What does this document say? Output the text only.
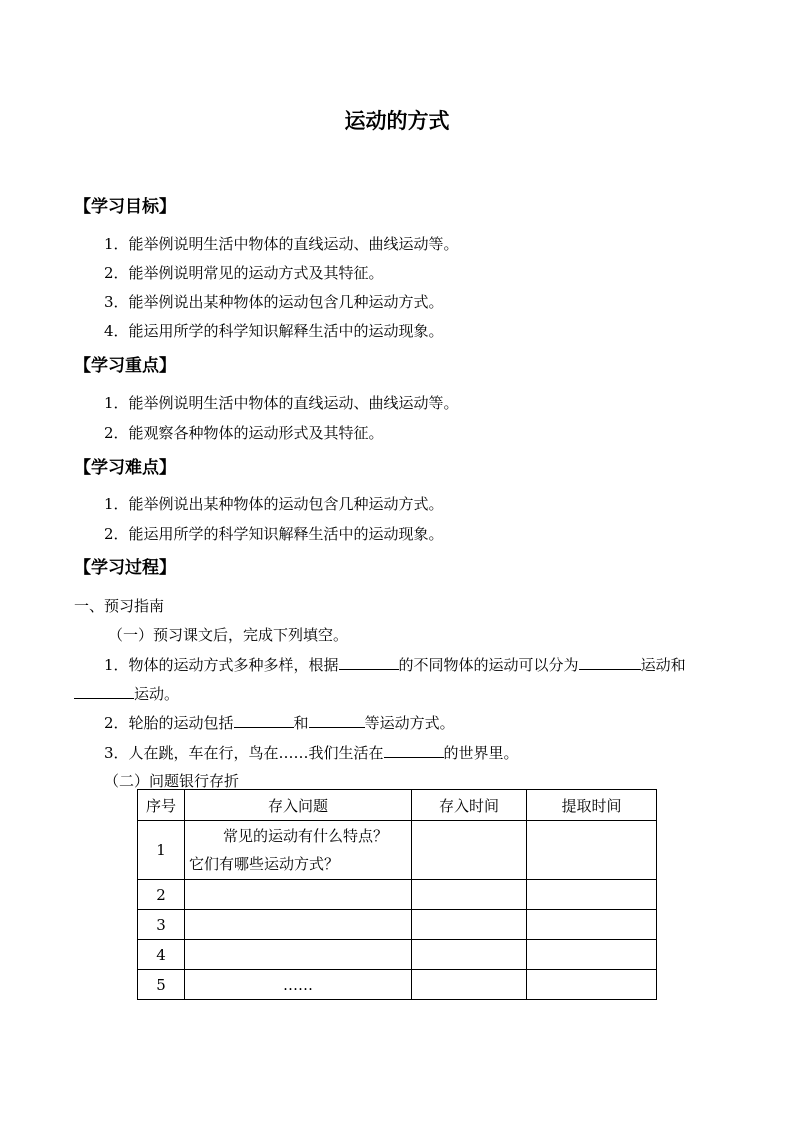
运动的方式
【学习目标】
1．能举例说明生活中物体的直线运动、曲线运动等。
2．能举例说明常见的运动方式及其特征。
3．能举例说出某种物体的运动包含几种运动方式。
4．能运用所学的科学知识解释生活中的运动现象。
【学习重点】
1．能举例说明生活中物体的直线运动、曲线运动等。
2．能观察各种物体的运动形式及其特征。
【学习难点】
1．能举例说出某种物体的运动包含几种运动方式。
2．能运用所学的科学知识解释生活中的运动现象。
【学习过程】
一、预习指南
（一）预习课文后，完成下列填空。
1．物体的运动方式多种多样，根据	的不同物体的运动可以分为	运动和
运动。
2．轮胎的运动包括	和	等运动方式。
3．人在跳，车在行，鸟在……我们生活在	的世界里。
（二）问题银行存折
序号	存入问题	存入时间	提取时间
1	常见的运动有什么特点？
它们有哪些运动方式？		
2			
3			
4			
5	……		
